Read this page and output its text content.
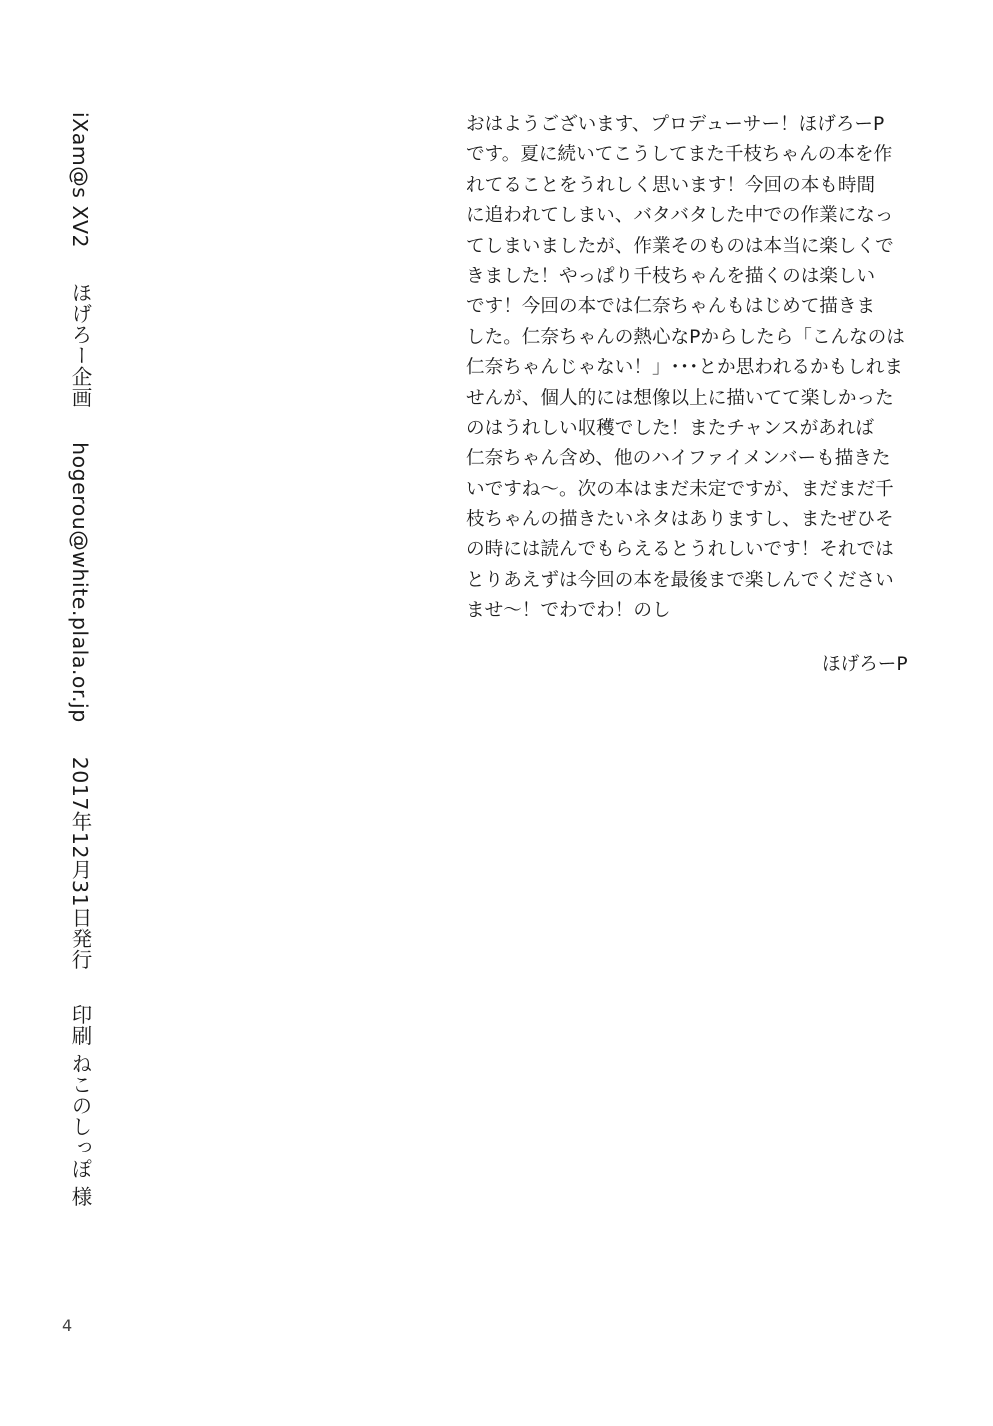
iXam@s XV2ほげろー企画hogerou@white.plala.or.jp2017年12月31日発行印刷 ねこのしっぽ 様
おはようございます、プロデューサー！ほげろーP
です。夏に続いてこうしてまた千枝ちゃんの本を作
れてることをうれしく思います！今回の本も時間
に追われてしまい、バタバタした中での作業になっ
てしまいましたが、作業そのものは本当に楽しくで
きました！やっぱり千枝ちゃんを描くのは楽しい
です！今回の本では仁奈ちゃんもはじめて描きま
した。仁奈ちゃんの熱心なPからしたら「こんなのは
仁奈ちゃんじゃない！」･･･とか思われるかもしれま
せんが、個人的には想像以上に描いてて楽しかった
のはうれしい収穫でした！またチャンスがあれば
仁奈ちゃん含め、他のハイファイメンバーも描きた
いですね～。次の本はまだ未定ですが、まだまだ千
枝ちゃんの描きたいネタはありますし、またぜひそ
の時には読んでもらえるとうれしいです！それでは
とりあえずは今回の本を最後まで楽しんでください
ませ～！でわでわ！のし
ほげろーP
4
